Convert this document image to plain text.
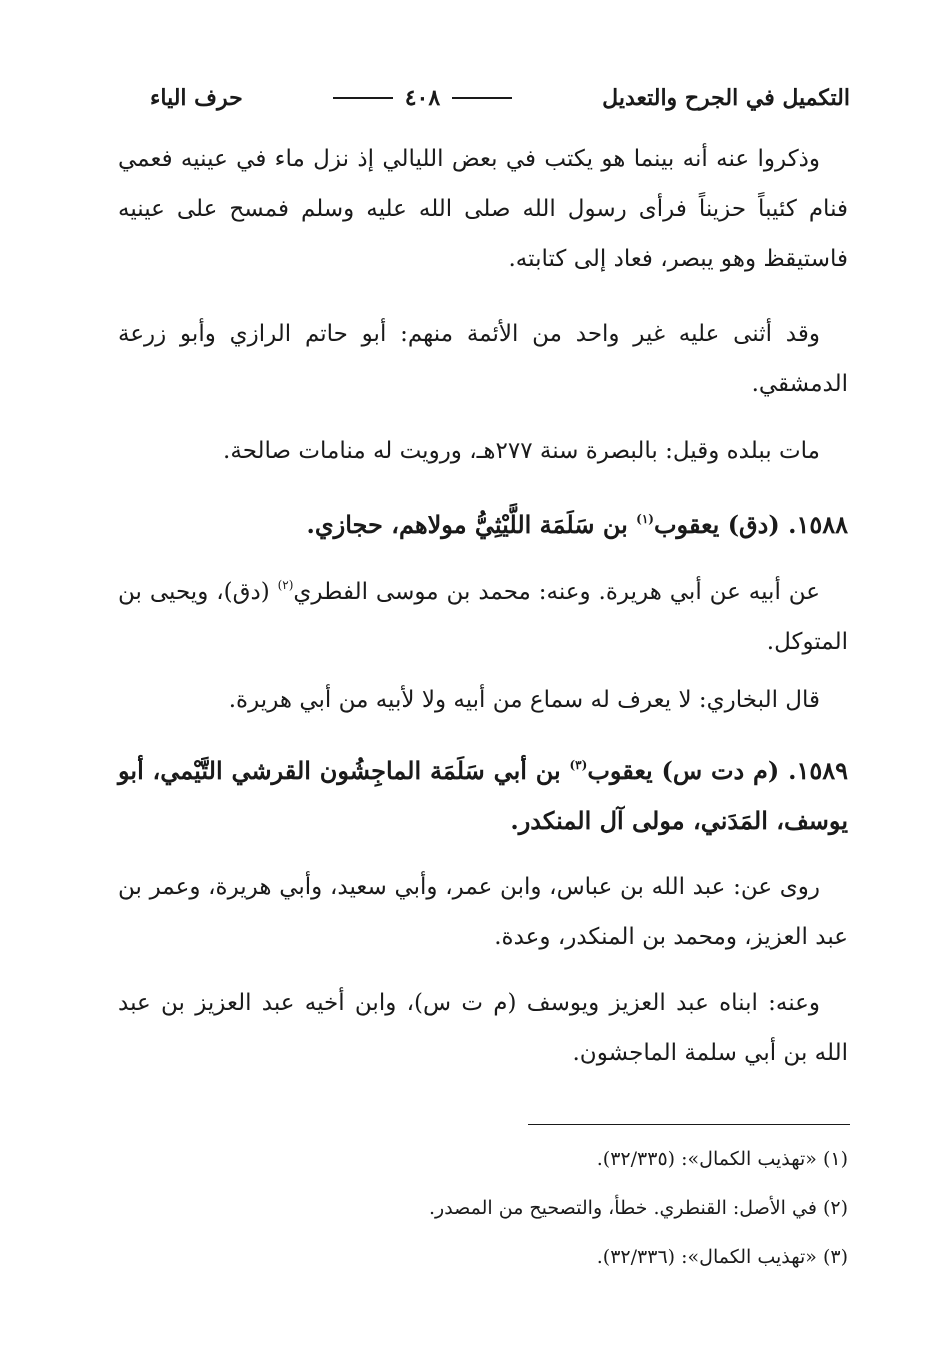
التكميل في الجرح والتعديل
٤٠٨
حرف الياء

وذكروا عنه أنه بينما هو يكتب في بعض الليالي إذ نزل ماء في عينيه فعمي فنام كئيباً حزيناً فرأى رسول الله صلى الله عليه وسلم فمسح على عينيه فاستيقظ وهو يبصر، فعاد إلى كتابته.

وقد أثنى عليه غير واحد من الأئمة منهم: أبو حاتم الرازي وأبو زرعة الدمشقي.

مات ببلده وقيل: بالبصرة سنة ٢٧٧هـ، ورويت له منامات صالحة.

١٥٨٨. (دق) يعقوب$^{(١)}$ بن سَلَمَة اللَّيْثِيُّ مولاهم، حجازي.

عن أبيه عن أبي هريرة. وعنه: محمد بن موسى الفطري$^{(٢)}$ (دق)، ويحيى بن المتوكل.

قال البخاري: لا يعرف له سماع من أبيه ولا لأبيه من أبي هريرة.

١٥٨٩. (م دت س) يعقوب$^{(٣)}$ بن أبي سَلَمَة الماجِشُون القرشي التَّيْمي، أبو يوسف، المَدَني، مولى آل المنكدر.

روى عن: عبد الله بن عباس، وابن عمر، وأبي سعيد، وأبي هريرة، وعمر بن عبد العزيز، ومحمد بن المنكدر، وعدة.

وعنه: ابناه عبد العزيز ويوسف (م ت س)، وابن أخيه عبد العزيز بن عبد الله بن أبي سلمة الماجشون.

(١) «تهذيب الكمال»: (٣٢/٣٣٥).
(٢) في الأصل: القنطري. خطأ، والتصحيح من المصدر.
(٣) «تهذيب الكمال»: (٣٢/٣٣٦).
